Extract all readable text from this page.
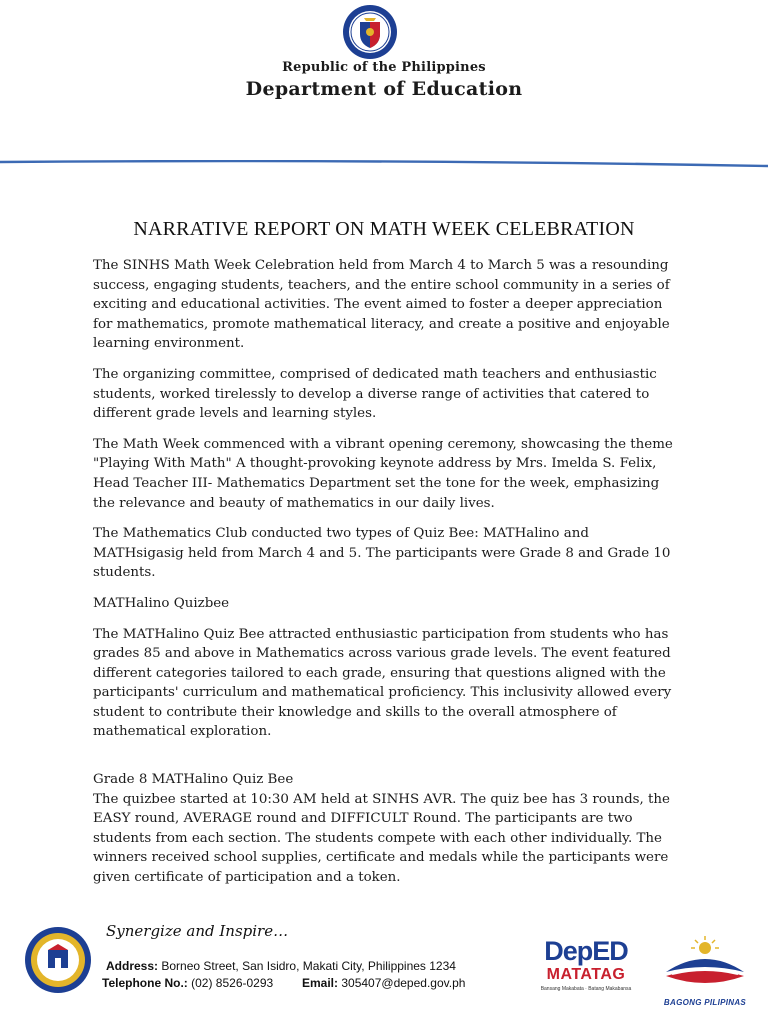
Republic of the Philippines
Department of Education
NARRATIVE REPORT ON MATH WEEK CELEBRATION

The SINHS Math Week Celebration held from March 4 to March 5 was a resounding success, engaging students, teachers, and the entire school community in a series of exciting and educational activities. The event aimed to foster a deeper appreciation for mathematics, promote mathematical literacy, and create a positive and enjoyable learning environment.

The organizing committee, comprised of dedicated math teachers and enthusiastic students, worked tirelessly to develop a diverse range of activities that catered to different grade levels and learning styles.

The Math Week commenced with a vibrant opening ceremony, showcasing the theme "Playing With Math" A thought-provoking keynote address by Mrs. Imelda S. Felix, Head Teacher III- Mathematics Department set the tone for the week, emphasizing the relevance and beauty of mathematics in our daily lives.

The Mathematics Club conducted two types of Quiz Bee: MATHalino and MATHsigasig held from March 4 and 5. The participants were Grade 8 and Grade 10 students.

MATHalino Quizbee

The MATHalino Quiz Bee attracted enthusiastic participation from students who has grades 85 and above in Mathematics across various grade levels. The event featured different categories tailored to each grade, ensuring that questions aligned with the participants' curriculum and mathematical proficiency. This inclusivity allowed every student to contribute their knowledge and skills to the overall atmosphere of mathematical exploration.

Grade 8 MATHalino Quiz Bee

The quizbee started at 10:30 AM held at SINHS AVR. The quiz bee has 3 rounds, the EASY round, AVERAGE round and DIFFICULT Round. The participants are two students from each section. The students compete with each other individually. The winners received school supplies, certificate and medals while the participants were given certificate of participation and a token.

Synergize and Inspire…
Address: Borneo Street, San Isidro, Makati City, Philippines 1234
Telephone No.: (02) 8526-0293 Email: 305407@deped.gov.ph
DepED
MATATAG
Bansang Makabata · Batang Makabansa
BAGONG PILIPINAS
